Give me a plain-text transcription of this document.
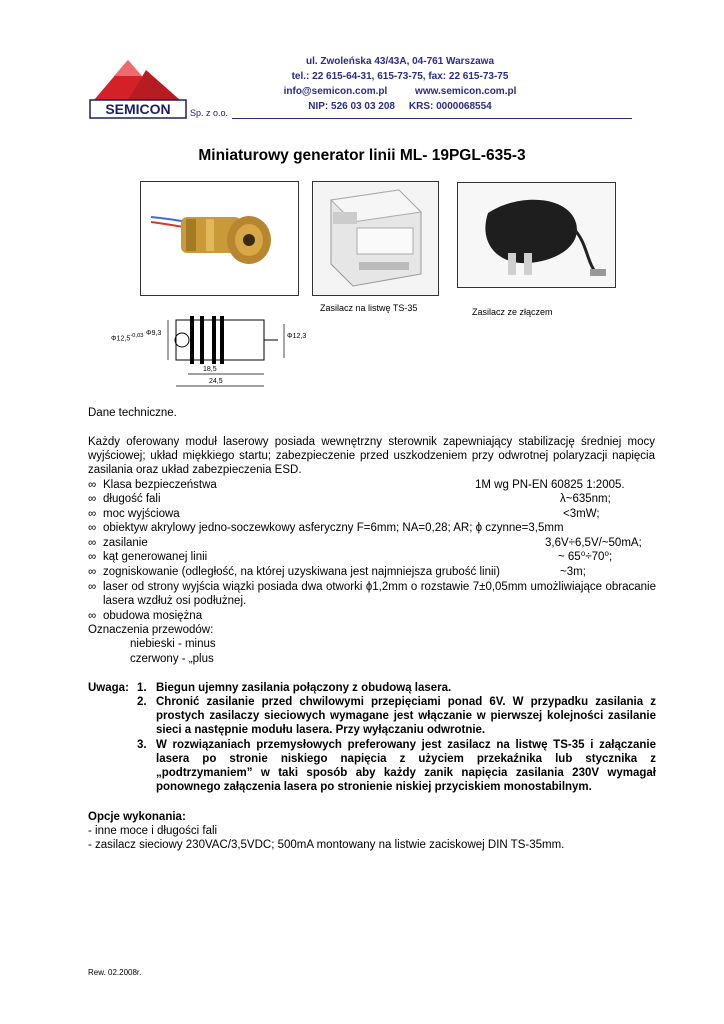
SEMICON Sp. z o.o.
ul. Zwoleńska 43/43A, 04-761 Warszawa
tel.: 22 615-64-31, 615-73-75, fax: 22 615-73-75
info@semicon.com.pl          www.semicon.com.pl
NIP: 526 03 03 208     KRS: 0000068554
Miniaturowy generator linii ML- 19PGL-635-3
Zasilacz na listwę TS-35	Zasilacz ze złączem
$\Phi 12,5^{-0,03}$ Φ9,3	Φ12,3
18,5
24,5
Dane techniczne.
Każdy oferowany moduł laserowy posiada wewnętrzny sterownik zapewniający stabilizację średniej mocy wyjściowej; układ miękkiego startu; zabezpieczenie przed uszkodzeniem przy odwrotnej polaryzacji napięcia zasilania oraz układ zabezpieczenia ESD.
∞ Klasa bezpieczeństwa	1M wg PN-EN 60825 1:2005.
∞ długość fali	λ~635nm;
∞ moc wyjściowa	<3mW;
∞ obiektyw akrylowy jedno-soczewkowy asferyczny F=6mm; NA=0,28; AR; ϕ czynne=3,5mm
∞ zasilanie	3,6V÷6,5V/~50mA;
∞ kąt generowanej linii	~ 65⁰÷70⁰;
∞ zogniskowanie (odległość, na której uzyskiwana jest najmniejsza grubość linii)	~3m;
∞ laser od strony wyjścia wiązki posiada dwa otworki ϕ1,2mm o rozstawie 7±0,05mm umożliwiające obracanie lasera wzdłuż osi podłużnej.
∞ obudowa mosiężna
Oznaczenia przewodów:
niebieski - minus
czerwony - „plus
Uwaga: 1. Biegun ujemny zasilania połączony z obudową lasera.
2. Chronić zasilanie przed chwilowymi przepięciami ponad 6V. W przypadku zasilania z prostych zasilaczy sieciowych wymagane jest włączanie w pierwszej kolejności zasilanie sieci a następnie modułu lasera. Przy wyłączaniu odwrotnie.
3. W rozwiązaniach przemysłowych preferowany jest zasilacz na listwę TS-35 i załączanie lasera po stronie niskiego napięcia z użyciem przekaźnika lub stycznika z „podtrzymaniem” w taki sposób aby każdy zanik napięcia zasilania 230V wymagał ponownego załączenia lasera po stronienie niskiej przyciskiem monostabilnym.
Opcje wykonania:
- inne moce i długości fali
- zasilacz sieciowy 230VAC/3,5VDC; 500mA montowany na listwie zaciskowej DIN TS-35mm.
Rew. 02.2008r.
